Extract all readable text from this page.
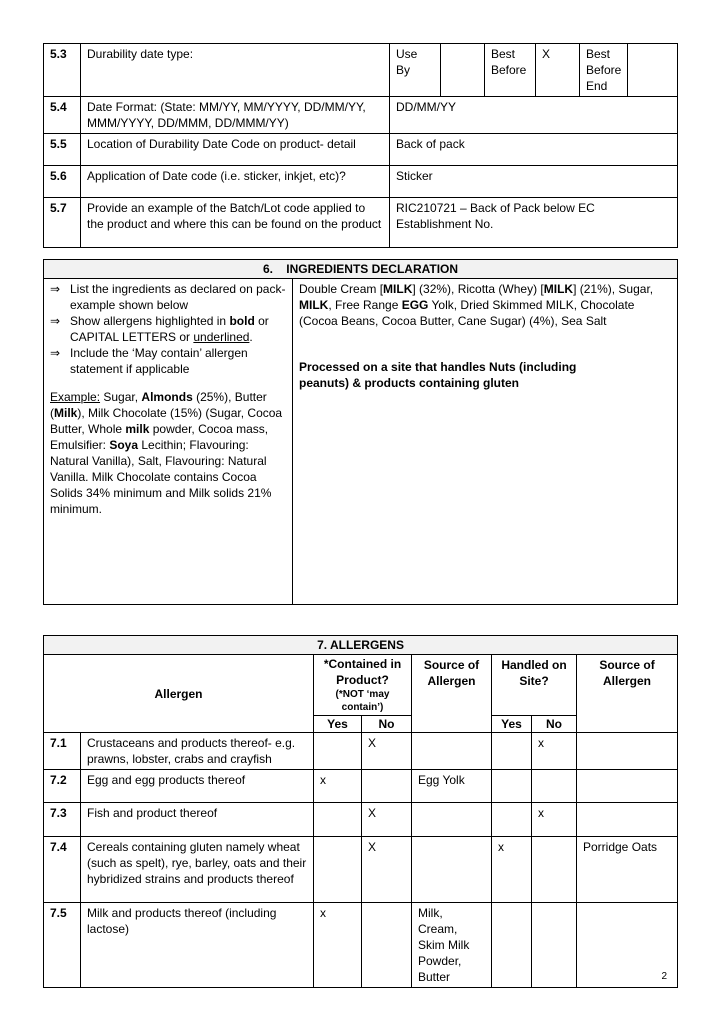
5.3	Durability date type:	Use By		Best Before	X	Best Before End	
5.4	Date Format: (State: MM/YY, MM/YYYY, DD/MM/YY, MMM/YYYY, DD/MMM, DD/MMM/YY)	DD/MM/YY					
5.5	Location of Durability Date Code on product- detail	Back of pack					
5.6	Application of Date code (i.e. sticker, inkjet, etc)?	Sticker					
5.7	Provide an example of the Batch/Lot code applied to the product and where this can be found on the product	RIC210721 – Back of Pack below EC Establishment No.					
6.    INGREDIENTS DECLARATION

⇒ List the ingredients as declared on pack- example shown below
⇒ Show allergens highlighted in bold or CAPITAL LETTERS or underlined.
⇒ Include the ‘May contain’ allergen statement if applicable
Example: Sugar, Almonds (25%), Butter (Milk), Milk Chocolate (15%) (Sugar, Cocoa Butter, Whole milk powder, Cocoa mass, Emulsifier: Soya Lecithin; Flavouring: Natural Vanilla), Salt, Flavouring: Natural Vanilla. Milk Chocolate contains Cocoa Solids 34% minimum and Milk solids 21% minimum.

Double Cream [MILK] (32%), Ricotta (Whey) [MILK] (21%), Sugar, MILK, Free Range EGG Yolk, Dried Skimmed MILK, Chocolate (Cocoa Beans, Cocoa Butter, Cane Sugar) (4%), Sea Salt
Processed on a site that handles Nuts (including peanuts) & products containing gluten
7. ALLERGENS							
Allergen		*Contained in Product?
(*NOT ‘may contain’)		Source of Allergen	Handled on Site?		Source of Allergen
		Yes	No		Yes	No	
7.1	Crustaceans and products thereof- e.g. prawns, lobster, crabs and crayfish		X			x	
7.2	Egg and egg products thereof	x		Egg Yolk			
7.3	Fish and product thereof		X			x	
7.4	Cereals containing gluten namely wheat (such as spelt), rye, barley, oats and their hybridized strains and products thereof		X		x		Porridge Oats
7.5	Milk and products thereof (including lactose)	x		Milk, Cream, Skim Milk Powder, Butter				2
